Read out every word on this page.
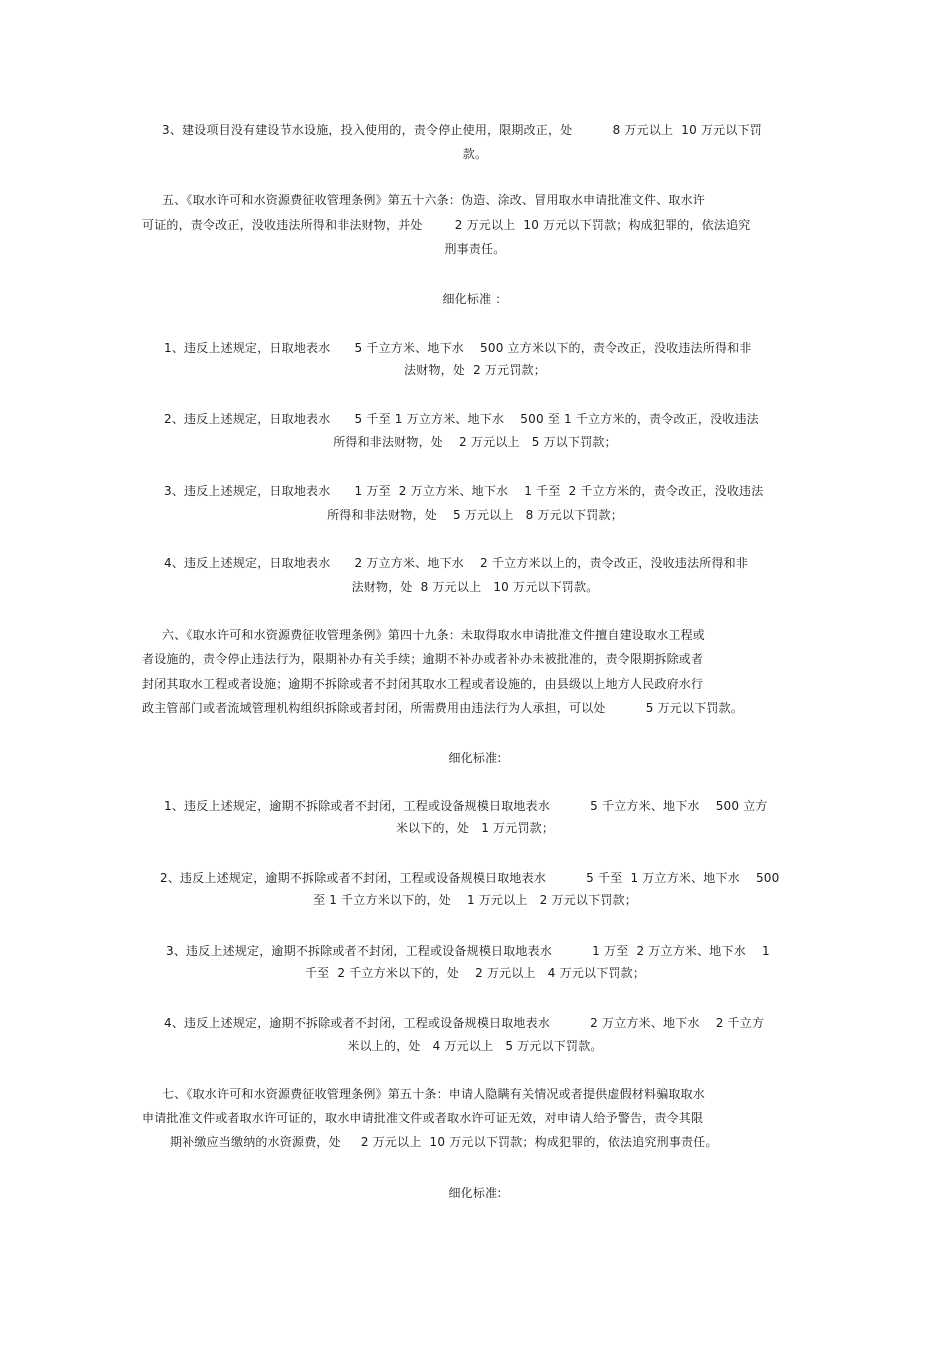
3、建设项目没有建设节水设施，投入使用的，责令停止使用，限期改正，处          8 万元以上  10 万元以下罚
款。
五、《取水许可和水资源费征收管理条例》第五十六条：伪造、涂改、冒用取水申请批准文件、取水许
可证的，责令改正，没收违法所得和非法财物，并处        2 万元以上  10 万元以下罚款；构成犯罪的，依法追究
刑事责任。
细化标准 ：
1、违反上述规定，日取地表水      5 千立方米、地下水    500 立方米以下的，责令改正，没收违法所得和非
法财物，处  2 万元罚款；
2、违反上述规定，日取地表水      5 千至 1 万立方米、地下水    500 至 1 千立方米的，责令改正，没收违法
所得和非法财物，处    2 万元以上   5 万以下罚款；
3、违反上述规定，日取地表水      1 万至  2 万立方米、地下水    1 千至  2 千立方米的，责令改正，没收违法
所得和非法财物，处    5 万元以上   8 万元以下罚款；
4、违反上述规定，日取地表水      2 万立方米、地下水    2 千立方米以上的，责令改正，没收违法所得和非
法财物，处  8 万元以上   10 万元以下罚款。
六、《取水许可和水资源费征收管理条例》第四十九条：未取得取水申请批准文件擅自建设取水工程或
者设施的，责令停止违法行为，限期补办有关手续；逾期不补办或者补办未被批准的，责令限期拆除或者
封闭其取水工程或者设施；逾期不拆除或者不封闭其取水工程或者设施的，由县级以上地方人民政府水行
政主管部门或者流域管理机构组织拆除或者封闭，所需费用由违法行为人承担，可以处          5 万元以下罚款。
细化标准:
1、违反上述规定，逾期不拆除或者不封闭，工程或设备规模日取地表水          5 千立方米、地下水    500 立方
米以下的，处   1 万元罚款；
2、违反上述规定，逾期不拆除或者不封闭，工程或设备规模日取地表水          5 千至  1 万立方米、地下水    500
至 1 千立方米以下的，处    1 万元以上   2 万元以下罚款；
3、违反上述规定，逾期不拆除或者不封闭，工程或设备规模日取地表水          1 万至  2 万立方米、地下水    1
千至  2 千立方米以下的，处    2 万元以上   4 万元以下罚款；
4、违反上述规定，逾期不拆除或者不封闭，工程或设备规模日取地表水          2 万立方米、地下水    2 千立方
米以上的，处   4 万元以上   5 万元以下罚款。
七、《取水许可和水资源费征收管理条例》第五十条：申请人隐瞒有关情况或者提供虚假材料骗取取水
申请批准文件或者取水许可证的，取水申请批准文件或者取水许可证无效，对申请人给予警告，责令其限
期补缴应当缴纳的水资源费，处     2 万元以上  10 万元以下罚款；构成犯罪的，依法追究刑事责任。
细化标准:
